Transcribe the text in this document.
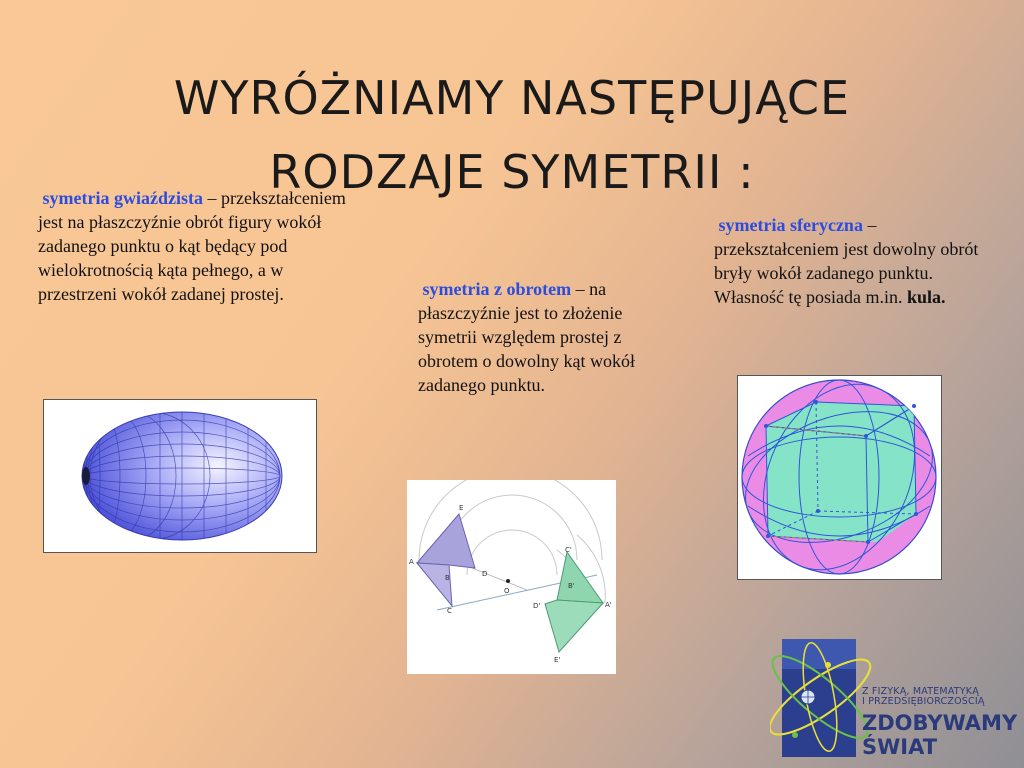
WYRÓŻNIAMY NASTĘPUJĄCE
RODZAJE SYMETRII :
symetria gwiaździsta – przekształceniem jest na płaszczyźnie obrót figury wokół zadanego punktu o kąt będący pod wielokrotnością kąta pełnego, a w przestrzeni wokół zadanej prostej.	symetria z obrotem – na płaszczyźnie jest to złożenie symetrii względem prostej z obrotem o dowolny kąt wokół zadanego punktu.
symetria sferyczna – przekształceniem jest dowolny obrót bryły wokół zadanego punktu. Własność tę posiada m.in. kula.
E
A
B
C
D
O
C'
B'
A'
D'
E'
Z FIZYKĄ, MATEMATYKĄ
I PRZEDSIĘBIORCZOŚCIĄ
ZDOBYWAMY
ŚWIAT
